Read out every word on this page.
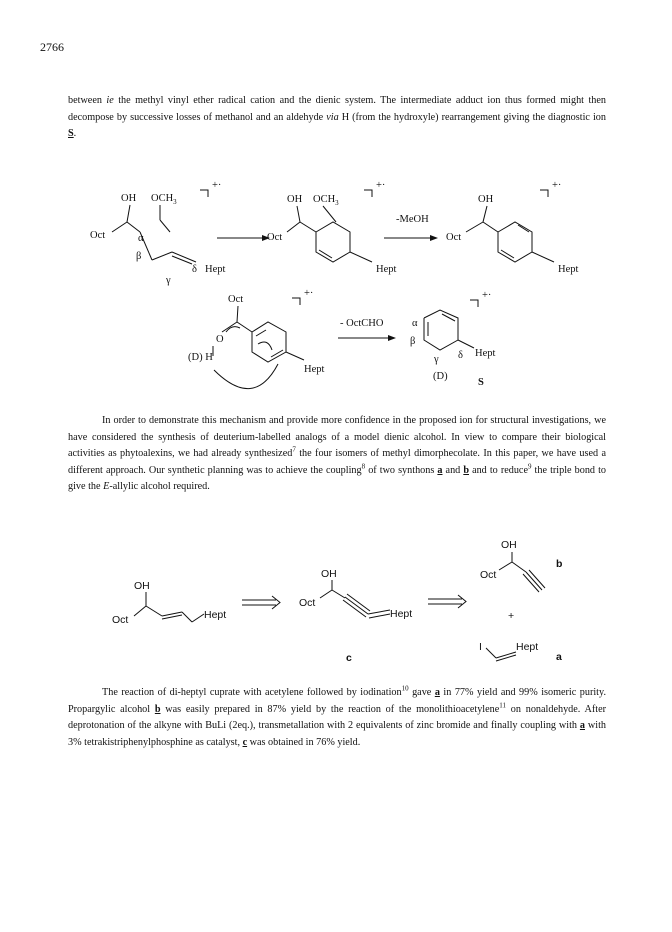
2766

between ie the methyl vinyl ether radical cation and the dienic system. The intermediate adduct ion thus formed might then decompose by successive losses of methanol and an aldehyde via H (from the hydroxyle) rearrangement giving the diagnostic ion S.

OH $OCH_3$
Oct	α
β
γ
δ Hept
+·
OH $OCH_3$
Oct
Hept
+·
-MeOH
OH
Oct
Hept
+·
Oct
O
(D) H
Hept
+·
- OctCHO	α
β
γ δ Hept
(D)
S
+·

In order to demonstrate this mechanism and provide more confidence in the proposed ion for structural investigations, we have considered the synthesis of deuterium-labelled analogs of a model dienic alcohol. In view to compare their biological activities as phytoalexins, we had already synthesized$^7$ the four isomers of methyl dimorphecolate. In this paper, we have used a different approach. Our synthetic planning was to achieve the coupling$^8$ of two synthons a and b and to reduce$^9$ the triple bond to give the E-allylic alcohol required.

OH
Oct	Hept
OH
Oct
Hept
c
OH
Oct
b
+
I	Hept
a

The reaction of di-heptyl cuprate with acetylene followed by iodination$^{10}$ gave a in 77% yield and 99% isomeric purity. Propargylic alcohol b was easily prepared in 87% yield by the reaction of the monolithioacetylene$^{11}$ on nonaldehyde. After deprotonation of the alkyne with BuLi (2eq.), transmetallation with 2 equivalents of zinc bromide and finally coupling with a with 3% tetrakistriphenylphosphine as catalyst, c was obtained in 76% yield.
